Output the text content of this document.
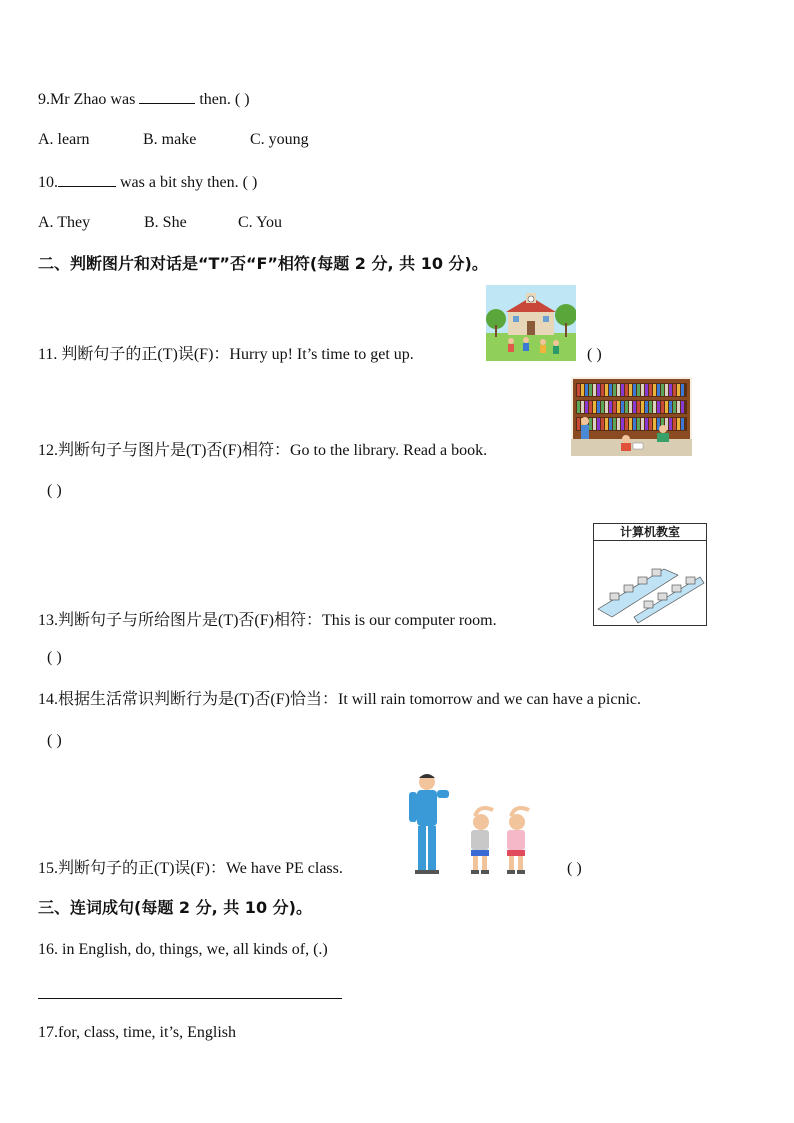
9.Mr Zhao was	then. ( )
A. learn	B. make	C. young
10.	was a bit shy then. ( )
A. They	B. She	C. You
二、判断图片和对话是“T”否“F”相符(每题 2 分, 共 10 分)。
11. 判断句子的正(T)误(F)：Hurry up! It’s time to get up.	( )
12.判断句子与图片是(T)否(F)相符：Go to the library. Read a book.
( )
计算机教室
13.判断句子与所给图片是(T)否(F)相符：This is our computer room.
( )
14.根据生活常识判断行为是(T)否(F)恰当：It will rain tomorrow and we can have a picnic.
( )
15.判断句子的正(T)误(F)：We have PE class.	( )
三、连词成句(每题 2 分, 共 10 分)。
16. in English, do, things, we, all kinds of, (.)
17.for, class, time, it’s, English
